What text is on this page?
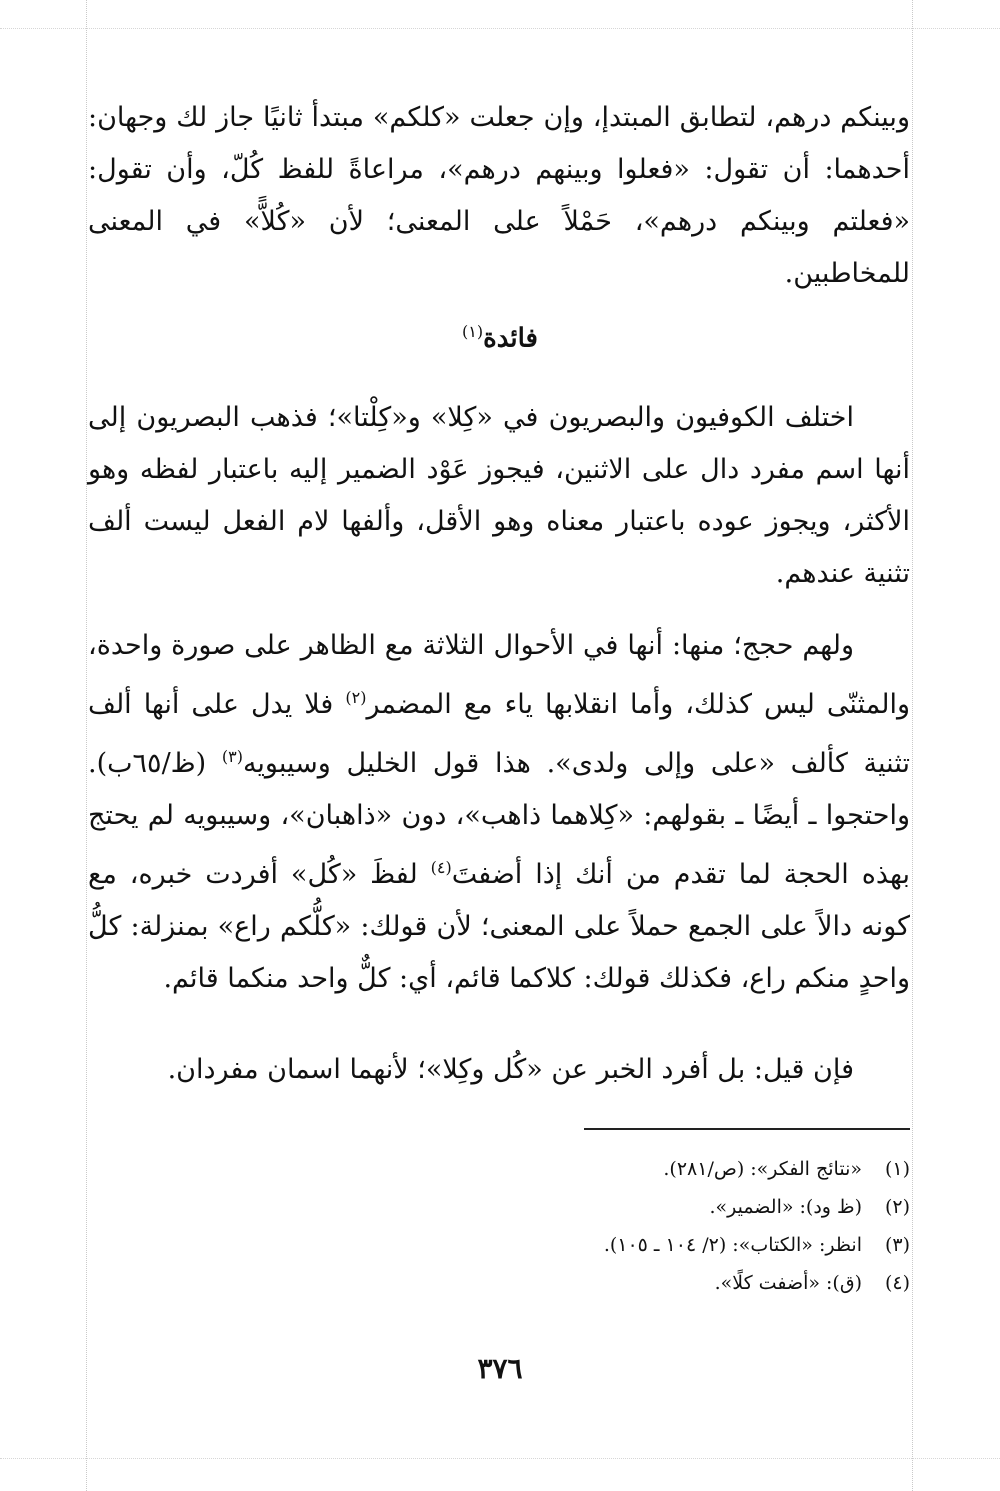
وبينكم درهم، لتطابق المبتدإ، وإن جعلت «كلكم» مبتدأ ثانيًا جاز لك وجهان: أحدهما: أن تقول: «فعلوا وبينهم درهم»، مراعاةً للفظ كُلّ، وأن تقول: «فعلتم وبينكم درهم»، حَمْلاً على المعنى؛ لأن «كُلاًّ» في المعنى للمخاطبين.

فائدة$^{(١)}$

اختلف الكوفيون والبصريون في «كِلا» و«كِلْتا»؛ فذهب البصريون إلى أنها اسم مفرد دال على الاثنين، فيجوز عَوْد الضمير إليه باعتبار لفظه وهو الأكثر، ويجوز عوده باعتبار معناه وهو الأقل، وألفها لام الفعل ليست ألف تثنية عندهم.

ولهم حجج؛ منها: أنها في الأحوال الثلاثة مع الظاهر على صورة واحدة، والمثنّى ليس كذلك، وأما انقلابها ياء مع المضمر$^{(٢)}$ فلا يدل على أنها ألف تثنية كألف «على وإلى ولدى». هذا قول الخليل وسيبويه$^{(٣)}$ (ظ/٦٥ب). واحتجوا ـ أيضًا ـ بقولهم: «كِلاهما ذاهب»، دون «ذاهبان»، وسيبويه لم يحتج بهذه الحجة لما تقدم من أنك إذا أضفتَ$^{(٤)}$ لفظَ «كُل» أفردت خبره، مع كونه دالاً على الجمع حملاً على المعنى؛ لأن قولك: «كلُّكم راع» بمنزلة: كلُّ واحدٍ منكم راع، فكذلك قولك: كلاكما قائم، أي: كلٌّ واحد منكما قائم.

فإن قيل: بل أفرد الخبر عن «كُل وكِلا»؛ لأنهما اسمان مفردان.

(١)«نتائج الفكر»: (ص/٢٨١).
(٢)(ظ ود): «الضمير».
(٣)انظر: «الكتاب»: (٢/ ١٠٤ ـ ١٠٥).
(٤)(ق): «أضفت كلًا».
٣٧٦
